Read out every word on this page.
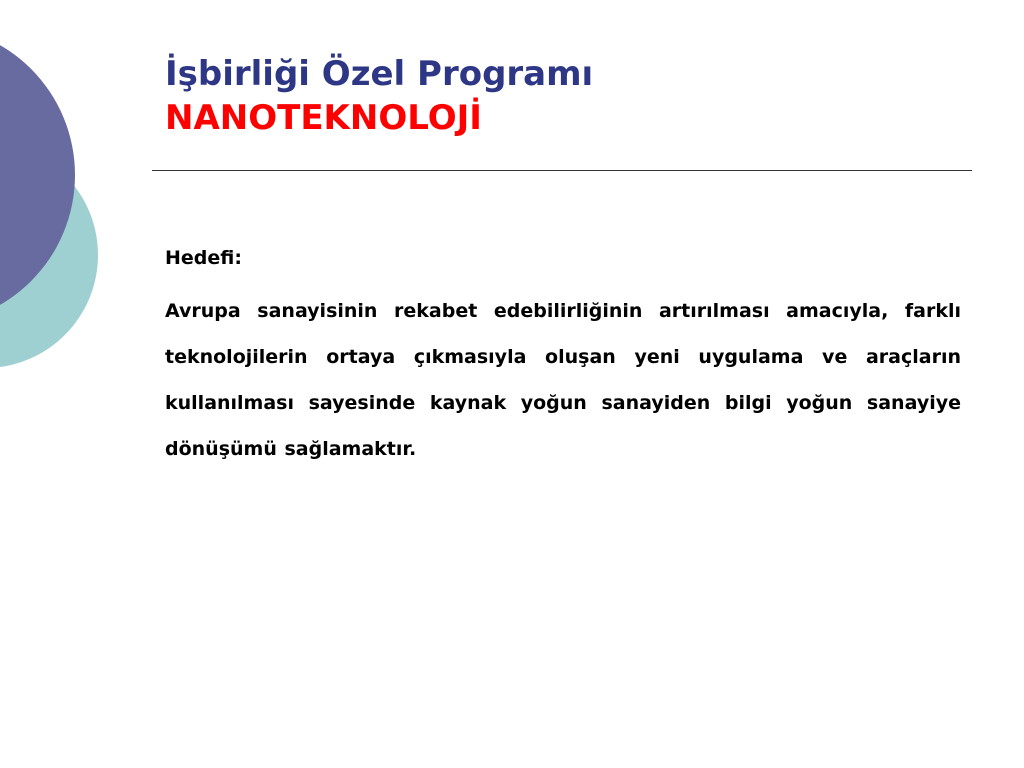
İşbirliği Özel Programı
NANOTEKNOLOJİ

Hedefi:

Avrupa sanayisinin rekabet edebilirliğinin artırılması amacıyla, farklı teknolojilerin ortaya çıkmasıyla oluşan yeni uygulama ve araçların kullanılması sayesinde kaynak yoğun sanayiden bilgi yoğun sanayiye dönüşümü sağlamaktır.
